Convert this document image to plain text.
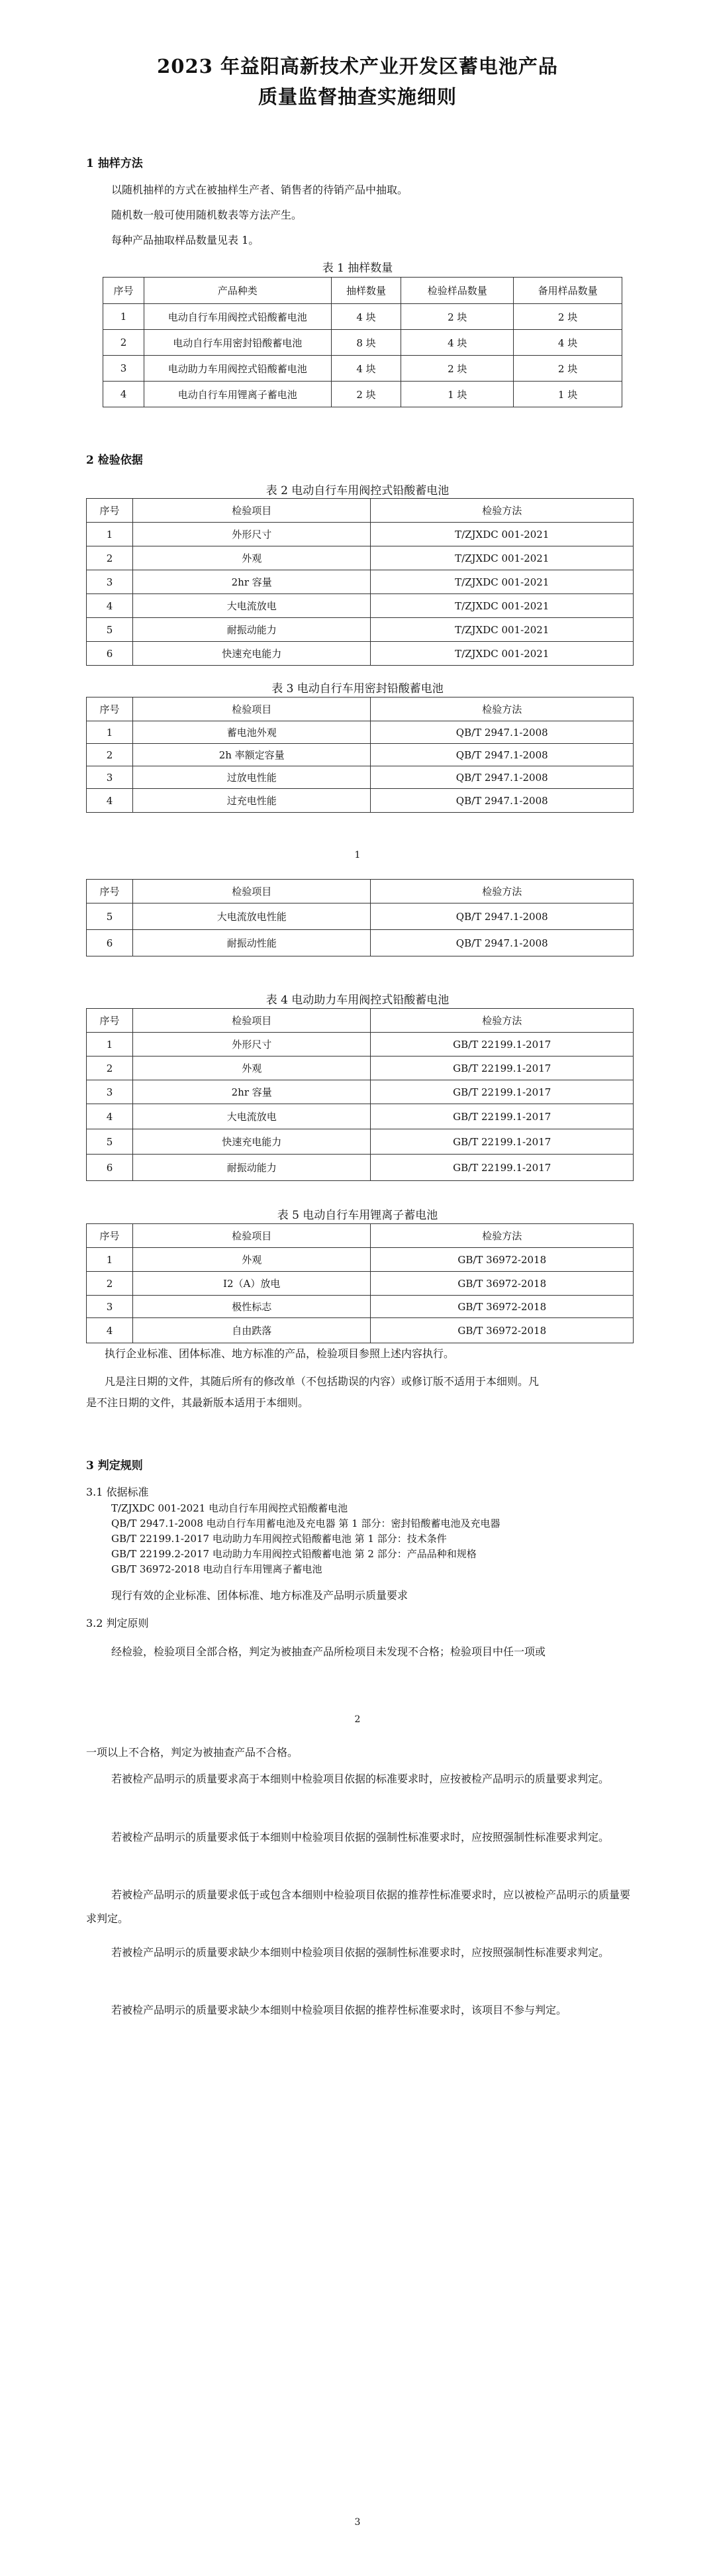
2023 年益阳高新技术产业开发区蓄电池产品
质量监督抽查实施细则
1 抽样方法
以随机抽样的方式在被抽样生产者、销售者的待销产品中抽取。
随机数一般可使用随机数表等方法产生。
每种产品抽取样品数量见表 1。
表 1 抽样数量
序号	产品种类	抽样数量	检验样品数量	备用样品数量
1	电动自行车用阀控式铅酸蓄电池	4 块	2 块	2 块
2	电动自行车用密封铅酸蓄电池	8 块	4 块	4 块
3	电动助力车用阀控式铅酸蓄电池	4 块	2 块	2 块
4	电动自行车用锂离子蓄电池	2 块	1 块	1 块
2 检验依据
表 2 电动自行车用阀控式铅酸蓄电池
序号	检验项目	检验方法
1	外形尺寸	T/ZJXDC 001-2021
2	外观	T/ZJXDC 001-2021
3	2hr 容量	T/ZJXDC 001-2021
4	大电流放电	T/ZJXDC 001-2021
5	耐振动能力	T/ZJXDC 001-2021
6	快速充电能力	T/ZJXDC 001-2021
表 3 电动自行车用密封铅酸蓄电池
序号	检验项目	检验方法
1	蓄电池外观	QB/T 2947.1-2008
2	2h 率额定容量	QB/T 2947.1-2008
3	过放电性能	QB/T 2947.1-2008
4	过充电性能	QB/T 2947.1-2008
1
序号	检验项目	检验方法
5	大电流放电性能	QB/T 2947.1-2008
6	耐振动性能	QB/T 2947.1-2008
表 4 电动助力车用阀控式铅酸蓄电池
序号	检验项目	检验方法
1	外形尺寸	GB/T 22199.1-2017
2	外观	GB/T 22199.1-2017
3	2hr 容量	GB/T 22199.1-2017
4	大电流放电	GB/T 22199.1-2017
5	快速充电能力	GB/T 22199.1-2017
6	耐振动能力	GB/T 22199.1-2017
表 5 电动自行车用锂离子蓄电池
序号	检验项目	检验方法
1	外观	GB/T 36972-2018
2	I2（A）放电	GB/T 36972-2018
3	极性标志	GB/T 36972-2018
4	自由跌落	GB/T 36972-2018
执行企业标准、团体标准、地方标准的产品，检验项目参照上述内容执行。
凡是注日期的文件，其随后所有的修改单（不包括勘误的内容）或修订版不适用于本细则。凡
是不注日期的文件，其最新版本适用于本细则。
3 判定规则
3.1 依据标准
T/ZJXDC 001-2021 电动自行车用阀控式铅酸蓄电池
QB/T 2947.1-2008 电动自行车用蓄电池及充电器 第 1 部分：密封铅酸蓄电池及充电器
GB/T 22199.1-2017 电动助力车用阀控式铅酸蓄电池 第 1 部分：技术条件
GB/T 22199.2-2017 电动助力车用阀控式铅酸蓄电池 第 2 部分：产品品种和规格
GB/T 36972-2018 电动自行车用锂离子蓄电池
现行有效的企业标准、团体标准、地方标准及产品明示质量要求
3.2 判定原则
经检验，检验项目全部合格，判定为被抽查产品所检项目未发现不合格；检验项目中任一项或
2
一项以上不合格，判定为被抽查产品不合格。
若被检产品明示的质量要求高于本细则中检验项目依据的标准要求时，应按被检产品明示的质量要求判定。
若被检产品明示的质量要求低于本细则中检验项目依据的强制性标准要求时，应按照强制性标准要求判定。
若被检产品明示的质量要求低于或包含本细则中检验项目依据的推荐性标准要求时，应以被检产品明示的质量要求判定。
若被检产品明示的质量要求缺少本细则中检验项目依据的强制性标准要求时，应按照强制性标准要求判定。
若被检产品明示的质量要求缺少本细则中检验项目依据的推荐性标准要求时，该项目不参与判定。
3
